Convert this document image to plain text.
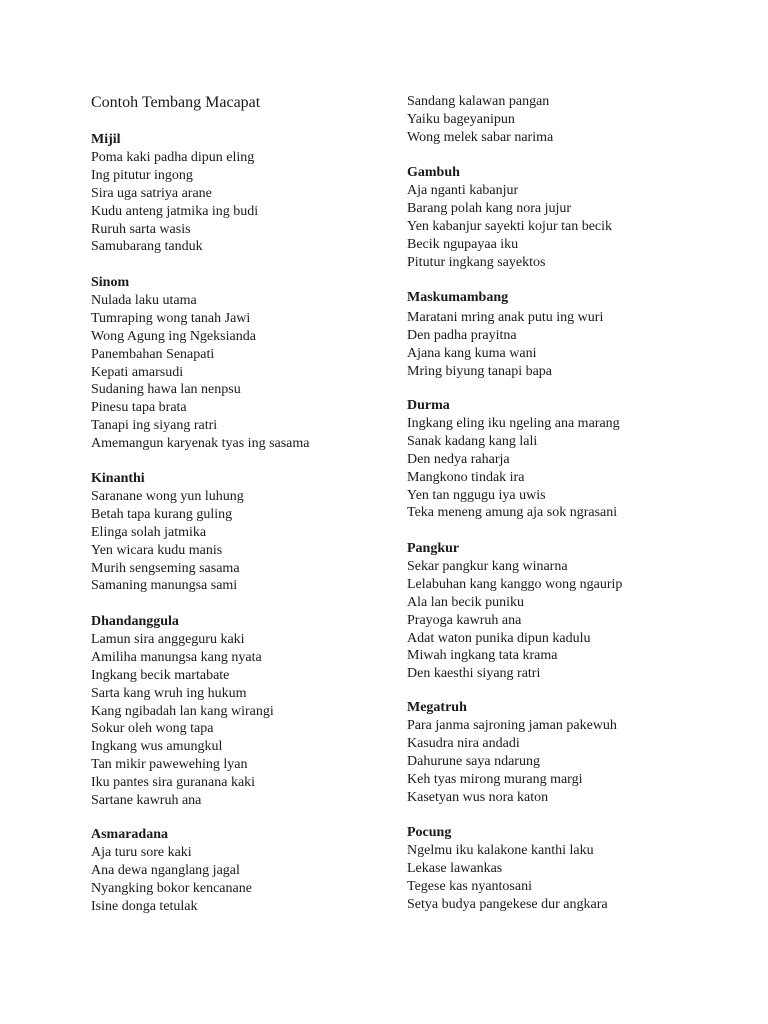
Contoh Tembang Macapat
Mijil
Poma kaki padha dipun eling
Ing pitutur ingong
Sira uga satriya arane
Kudu anteng jatmika ing budi
Ruruh sarta wasis
Samubarang tanduk
Sinom
Nulada laku utama
Tumraping wong tanah Jawi
Wong Agung ing Ngeksianda
Panembahan Senapati
Kepati amarsudi
Sudaning hawa lan nenpsu
Pinesu tapa brata
Tanapi ing siyang ratri
Amemangun karyenak tyas ing sasama
Kinanthi
Saranane wong yun luhung
Betah tapa kurang guling
Elinga solah jatmika
Yen wicara kudu manis
Murih sengseming sasama
Samaning manungsa sami
Dhandanggula
Lamun sira anggeguru kaki
Amiliha manungsa kang nyata
Ingkang becik martabate
Sarta kang wruh ing hukum
Kang ngibadah lan kang wirangi
Sokur oleh wong tapa
Ingkang wus amungkul
Tan mikir pawewehing lyan
Iku pantes sira guranana kaki
Sartane kawruh ana
Asmaradana
Aja turu sore kaki
Ana dewa nganglang jagal
Nyangking bokor kencanane
Isine donga tetulak
Sandang kalawan pangan
Yaiku bageyanipun
Wong melek sabar narima
Gambuh
Aja nganti kabanjur
Barang polah kang nora jujur
Yen kabanjur sayekti kojur tan becik
Becik ngupayaa iku
Pitutur ingkang sayektos
Maskumambang
Maratani mring anak putu ing wuri
Den padha prayitna
Ajana kang kuma wani
Mring biyung tanapi bapa
Durma
Ingkang eling iku ngeling ana marang
Sanak kadang kang lali
Den nedya raharja
Mangkono tindak ira
Yen tan nggugu iya uwis
Teka meneng amung aja sok ngrasani
Pangkur
Sekar pangkur kang winarna
Lelabuhan kang kanggo wong ngaurip
Ala lan becik puniku
Prayoga kawruh ana
Adat waton punika dipun kadulu
Miwah ingkang tata krama
Den kaesthi siyang ratri
Megatruh
Para janma sajroning jaman pakewuh
Kasudra nira andadi
Dahurune saya ndarung
Keh tyas mirong murang margi
Kasetyan wus nora katon
Pocung
Ngelmu iku kalakone kanthi laku
Lekase lawankas
Tegese kas nyantosani
Setya budya pangekese dur angkara
